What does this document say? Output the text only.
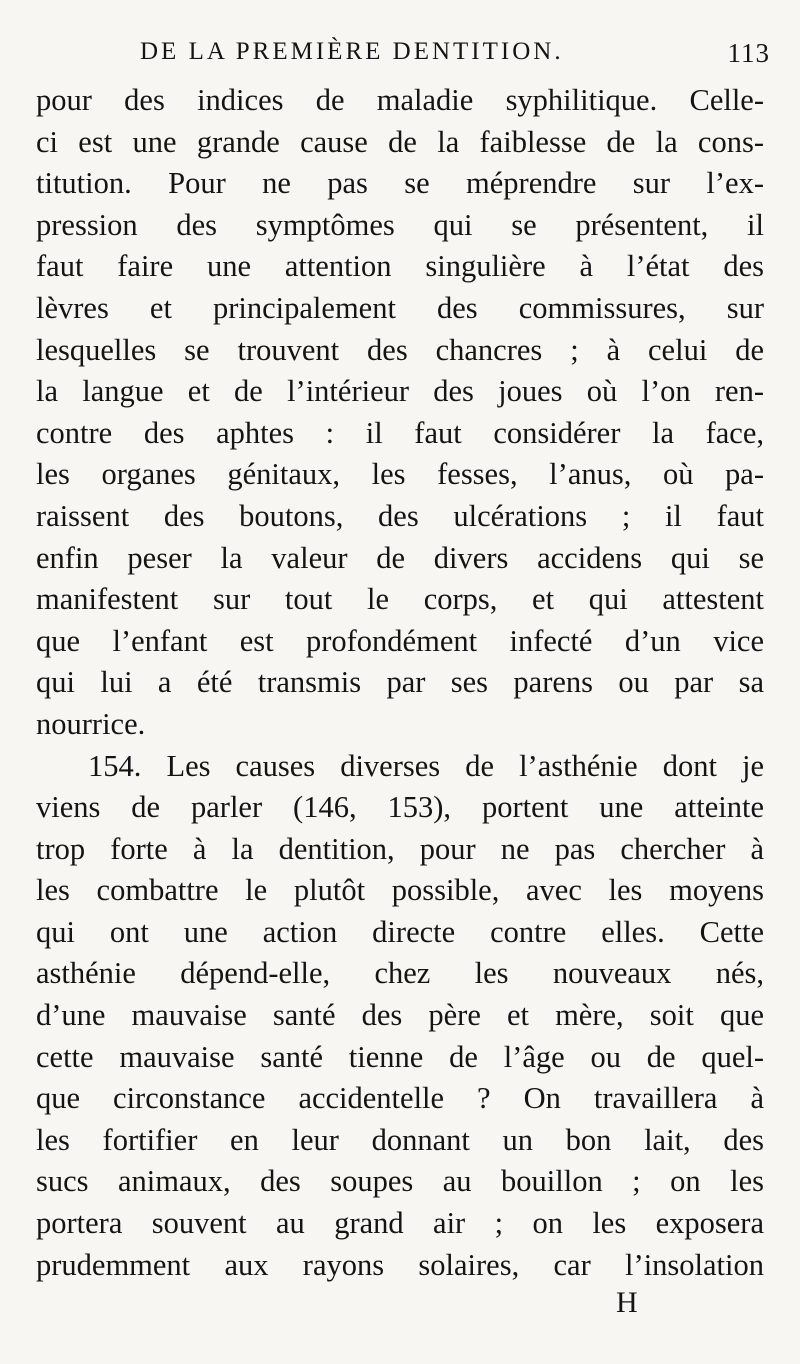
DE LA PREMIÈRE DENTITION.	113
pour des indices de maladie syphilitique. Celle-
ci est une grande cause de la faiblesse de la cons-
titution. Pour ne pas se méprendre sur l’ex-
pression des symptômes qui se présentent, il
faut faire une attention singulière à l’état des
lèvres et principalement des commissures, sur
lesquelles se trouvent des chancres ; à celui de
la langue et de l’intérieur des joues où l’on ren-
contre des aphtes : il faut considérer la face,
les organes génitaux, les fesses, l’anus, où pa-
raissent des boutons, des ulcérations ; il faut
enfin peser la valeur de divers accidens qui se
manifestent sur tout le corps, et qui attestent
que l’enfant est profondément infecté d’un vice
qui lui a été transmis par ses parens ou par sa
nourrice.
154. Les causes diverses de l’asthénie dont je
viens de parler (146, 153), portent une atteinte
trop forte à la dentition, pour ne pas chercher à
les combattre le plutôt possible, avec les moyens
qui ont une action directe contre elles. Cette
asthénie dépend-elle, chez les nouveaux nés,
d’une mauvaise santé des père et mère, soit que
cette mauvaise santé tienne de l’âge ou de quel-
que circonstance accidentelle ? On travaillera à
les fortifier en leur donnant un bon lait, des
sucs animaux, des soupes au bouillon ; on les
portera souvent au grand air ; on les exposera
prudemment aux rayons solaires, car l’insolation
H
